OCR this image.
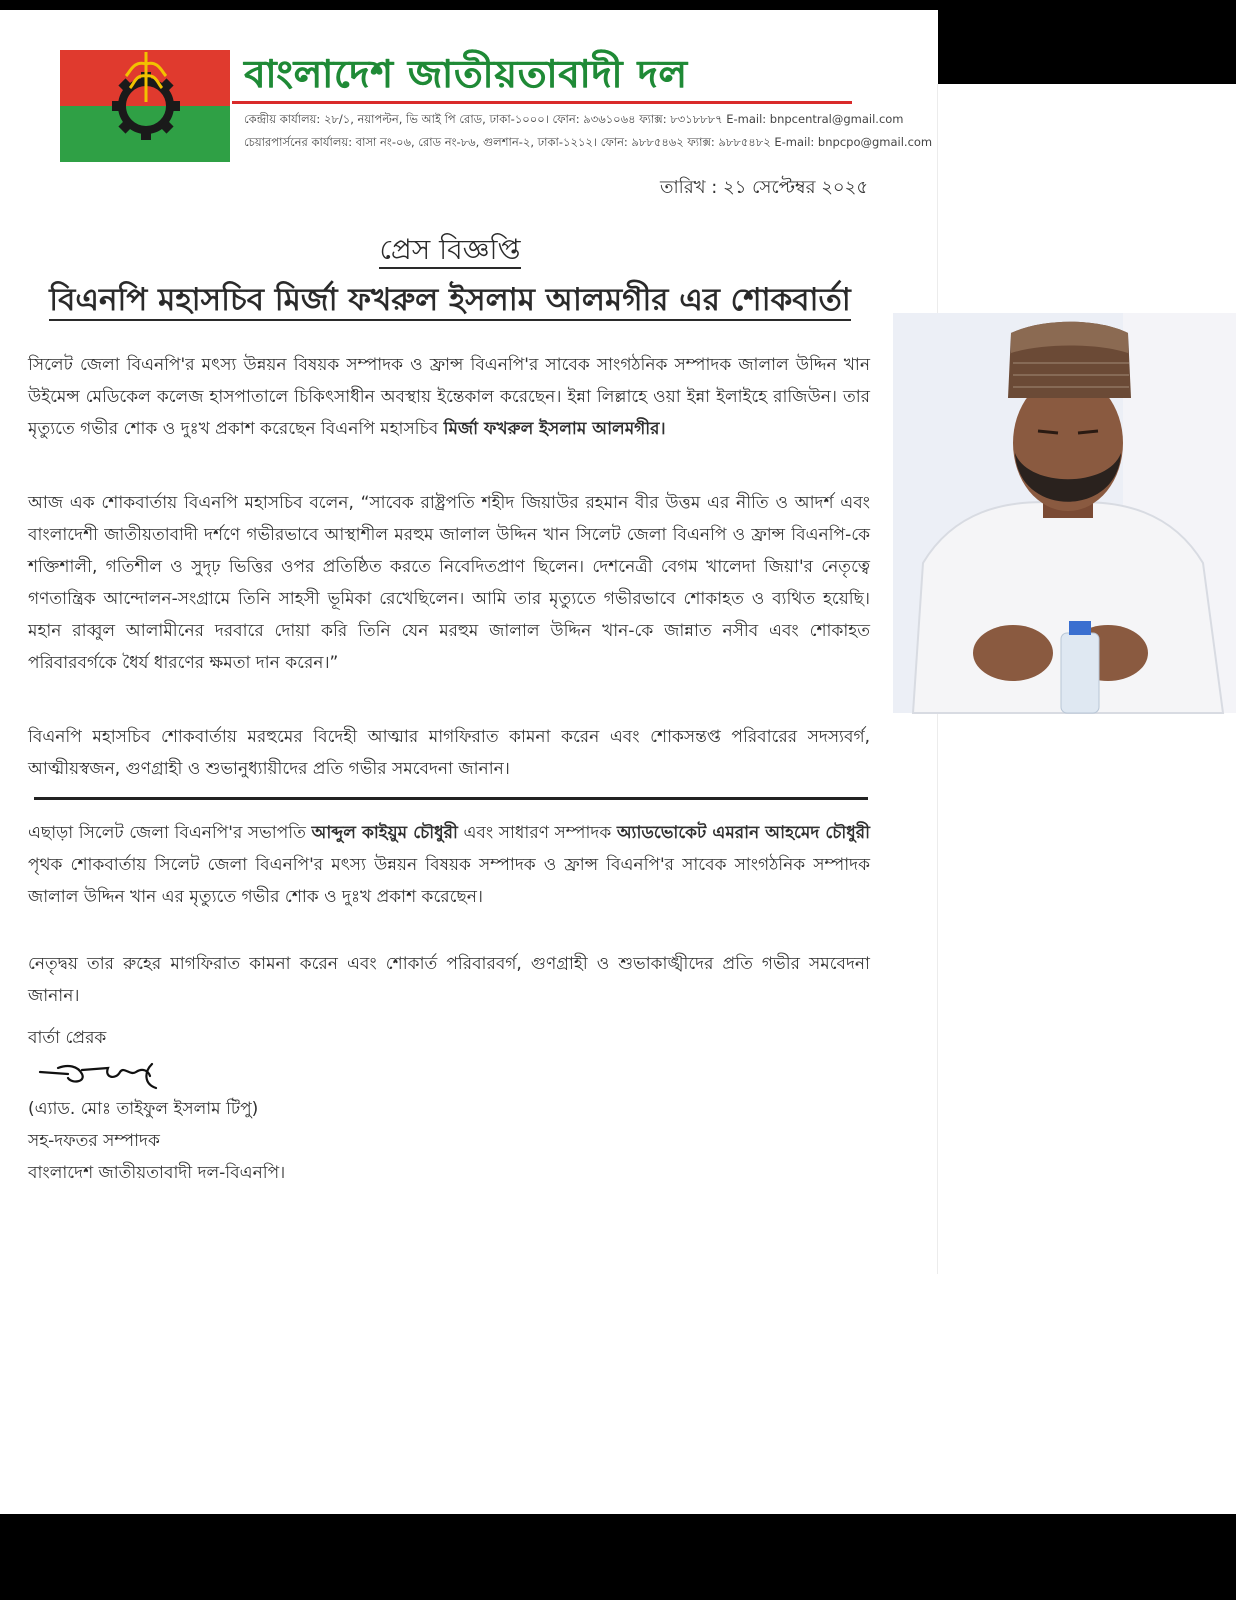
বাংলাদেশ জাতীয়তাবাদী দল
কেন্দ্রীয় কার্যালয়: ২৮/১, নয়াপল্টন, ভি আই পি রোড, ঢাকা-১০০০। ফোন: ৯৩৬১০৬৪ ফ্যাক্স: ৮৩১৮৮৮৭ E-mail: bnpcentral@gmail.com
চেয়ারপার্সনের কার্যালয়: বাসা নং-০৬, রোড নং-৮৬, গুলশান-২, ঢাকা-১২১২। ফোন: ৯৮৮৫৪৬২ ফ্যাক্স: ৯৮৮৫৪৮২ E-mail: bnpcpo@gmail.com
তারিখ : ২১ সেপ্টেম্বর ২০২৫
প্রেস বিজ্ঞপ্তি
বিএনপি মহাসচিব মির্জা ফখরুল ইসলাম আলমগীর এর শোকবার্তা
সিলেট জেলা বিএনপি'র মৎস্য উন্নয়ন বিষয়ক সম্পাদক ও ফ্রান্স বিএনপি'র সাবেক সাংগঠনিক সম্পাদক জালাল উদ্দিন খান উইমেন্স মেডিকেল কলেজ হাসপাতালে চিকিৎসাধীন অবস্থায় ইন্তেকাল করেছেন। ইন্না লিল্লাহে ওয়া ইন্না ইলাইহে রাজিউন। তার মৃত্যুতে গভীর শোক ও দুঃখ প্রকাশ করেছেন বিএনপি মহাসচিব মির্জা ফখরুল ইসলাম আলমগীর।
আজ এক শোকবার্তায় বিএনপি মহাসচিব বলেন, “সাবেক রাষ্ট্রপতি শহীদ জিয়াউর রহমান বীর উত্তম এর নীতি ও আদর্শ এবং বাংলাদেশী জাতীয়তাবাদী দর্শণে গভীরভাবে আস্থাশীল মরহুম জালাল উদ্দিন খান সিলেট জেলা বিএনপি ও ফ্রান্স বিএনপি-কে শক্তিশালী, গতিশীল ও সুদৃঢ় ভিত্তির ওপর প্রতিষ্ঠিত করতে নিবেদিতপ্রাণ ছিলেন। দেশনেত্রী বেগম খালেদা জিয়া'র নেতৃত্বে গণতান্ত্রিক আন্দোলন-সংগ্রামে তিনি সাহসী ভূমিকা রেখেছিলেন। আমি তার মৃত্যুতে গভীরভাবে শোকাহত ও ব্যথিত হয়েছি। মহান রাব্বুল আলামীনের দরবারে দোয়া করি তিনি যেন মরহুম জালাল উদ্দিন খান-কে জান্নাত নসীব এবং শোকাহত পরিবারবর্গকে ধৈর্য ধারণের ক্ষমতা দান করেন।”
বিএনপি মহাসচিব শোকবার্তায় মরহুমের বিদেহী আত্মার মাগফিরাত কামনা করেন এবং শোকসন্তপ্ত পরিবারের সদস্যবর্গ, আত্মীয়স্বজন, গুণগ্রাহী ও শুভানুধ্যায়ীদের প্রতি গভীর সমবেদনা জানান।
এছাড়া সিলেট জেলা বিএনপি'র সভাপতি আব্দুল কাইয়ুম চৌধুরী এবং সাধারণ সম্পাদক অ্যাডভোকেট এমরান আহমেদ চৌধুরী পৃথক শোকবার্তায় সিলেট জেলা বিএনপি'র মৎস্য উন্নয়ন বিষয়ক সম্পাদক ও ফ্রান্স বিএনপি'র সাবেক সাংগঠনিক সম্পাদক জালাল উদ্দিন খান এর মৃত্যুতে গভীর শোক ও দুঃখ প্রকাশ করেছেন।
নেতৃদ্বয় তার রুহের মাগফিরাত কামনা করেন এবং শোকার্ত পরিবারবর্গ, গুণগ্রাহী ও শুভাকাঙ্খীদের প্রতি গভীর সমবেদনা জানান।
বার্তা প্রেরক
(এ্যাড. মোঃ তাইফুল ইসলাম টিপু)
সহ-দফতর সম্পাদক
বাংলাদেশ জাতীয়তাবাদী দল-বিএনপি।
